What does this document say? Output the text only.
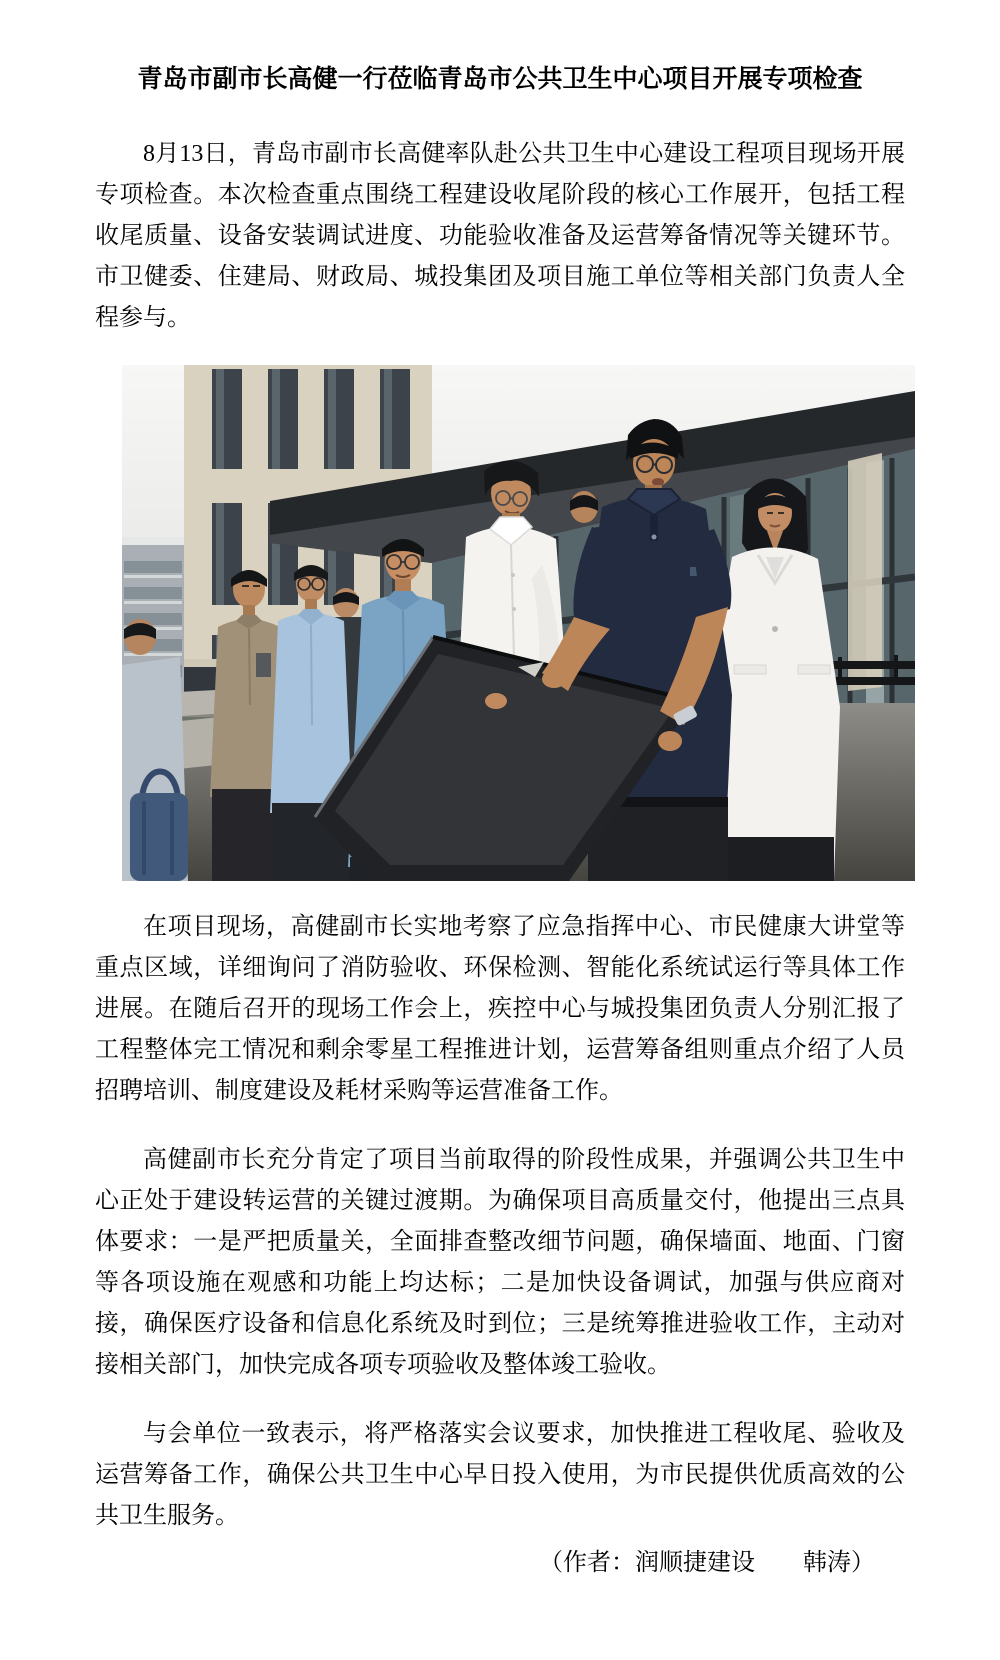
青岛市副市长高健一行莅临青岛市公共卫生中心项目开展专项检查
8月13日，青岛市副市长高健率队赴公共卫生中心建设工程项目现场开展专项检查。本次检查重点围绕工程建设收尾阶段的核心工作展开，包括工程收尾质量、设备安装调试进度、功能验收准备及运营筹备情况等关键环节。市卫健委、住建局、财政局、城投集团及项目施工单位等相关部门负责人全程参与。
在项目现场，高健副市长实地考察了应急指挥中心、市民健康大讲堂等重点区域，详细询问了消防验收、环保检测、智能化系统试运行等具体工作进展。在随后召开的现场工作会上，疾控中心与城投集团负责人分别汇报了工程整体完工情况和剩余零星工程推进计划，运营筹备组则重点介绍了人员招聘培训、制度建设及耗材采购等运营准备工作。
高健副市长充分肯定了项目当前取得的阶段性成果，并强调公共卫生中心正处于建设转运营的关键过渡期。为确保项目高质量交付，他提出三点具体要求：一是严把质量关，全面排查整改细节问题，确保墙面、地面、门窗等各项设施在观感和功能上均达标；二是加快设备调试，加强与供应商对接，确保医疗设备和信息化系统及时到位；三是统筹推进验收工作，主动对接相关部门，加快完成各项专项验收及整体竣工验收。
与会单位一致表示，将严格落实会议要求，加快推进工程收尾、验收及运营筹备工作，确保公共卫生中心早日投入使用，为市民提供优质高效的公共卫生服务。
（作者：润顺捷建设　　韩涛）
